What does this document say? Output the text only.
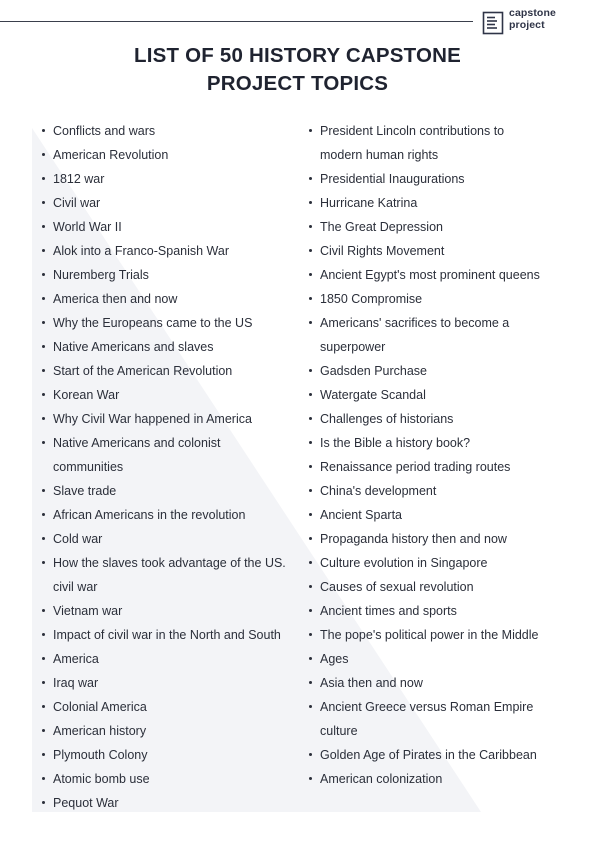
capstone
project
LIST OF 50 HISTORY CAPSTONE
PROJECT TOPICS
Conflicts and wars
American Revolution
1812 war
Civil war
World War II
Alok into a Franco-Spanish War
Nuremberg Trials
America then and now
Why the Europeans came to the US
Native Americans and slaves
Start of the American Revolution
Korean War
Why Civil War happened in America
Native Americans and colonist
communities
Slave trade
African Americans in the revolution
Cold war
How the slaves took advantage of the US.
civil war
Vietnam war
Impact of civil war in the North and South
America
Iraq war
Colonial America
American history
Plymouth Colony
Atomic bomb use
Pequot War
President Lincoln contributions to
modern human rights
Presidential Inaugurations
Hurricane Katrina
The Great Depression
Civil Rights Movement
Ancient Egypt's most prominent queens
1850 Compromise
Americans' sacrifices to become a
superpower
Gadsden Purchase
Watergate Scandal
Challenges of historians
Is the Bible a history book?
Renaissance period trading routes
China's development
Ancient Sparta
Propaganda history then and now
Culture evolution in Singapore
Causes of sexual revolution
Ancient times and sports
The pope's political power in the Middle
Ages
Asia then and now
Ancient Greece versus Roman Empire
culture
Golden Age of Pirates in the Caribbean
American colonization
